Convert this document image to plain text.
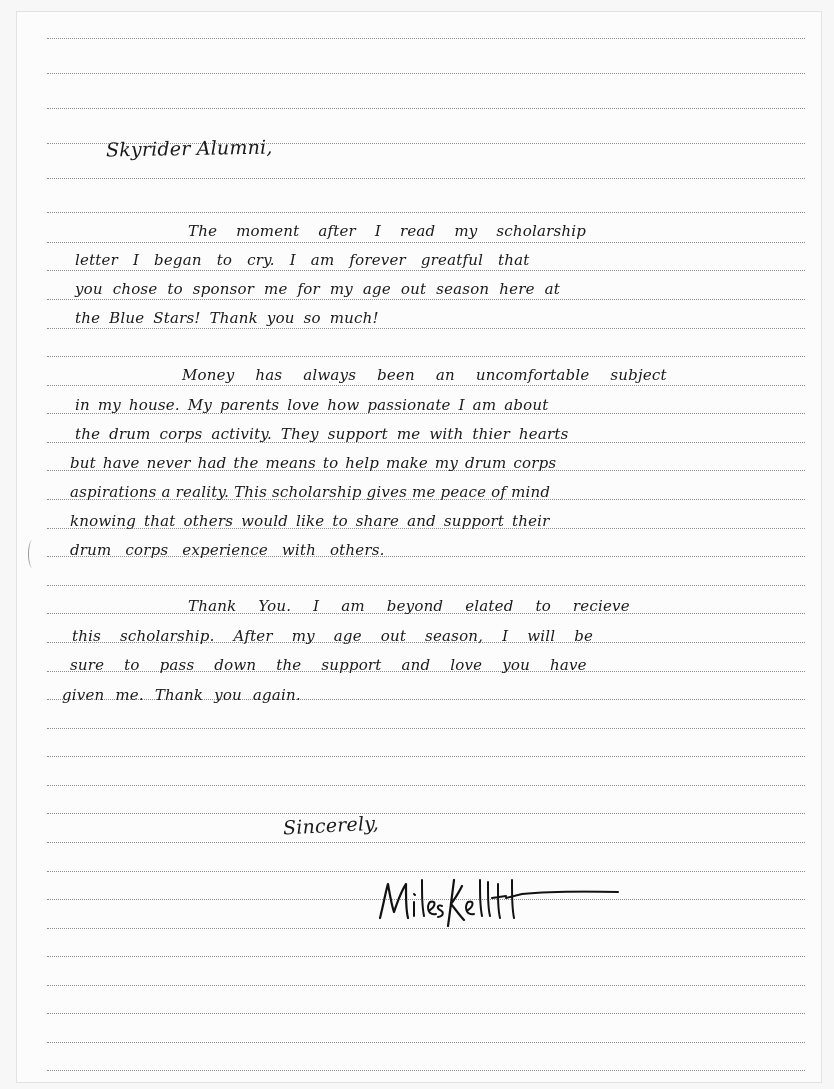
Skyrider Alumni,
The moment after I read my scholarship
letter I began to cry. I am forever greatful that
you chose to sponsor me for my age out season here at
the Blue Stars! Thank you so much!
Money has always been an uncomfortable subject
in my house. My parents love how passionate I am about
the drum corps activity. They support me with thier hearts
but have never had the means to help make my drum corps
aspirations a reality. This scholarship gives me peace of mind
knowing that others would like to share and support their
drum corps experience with others.
Thank You. I am beyond elated to recieve
this scholarship. After my age out season, I will be
sure to pass down the support and love you have
given me. Thank you again.
Sincerely,
